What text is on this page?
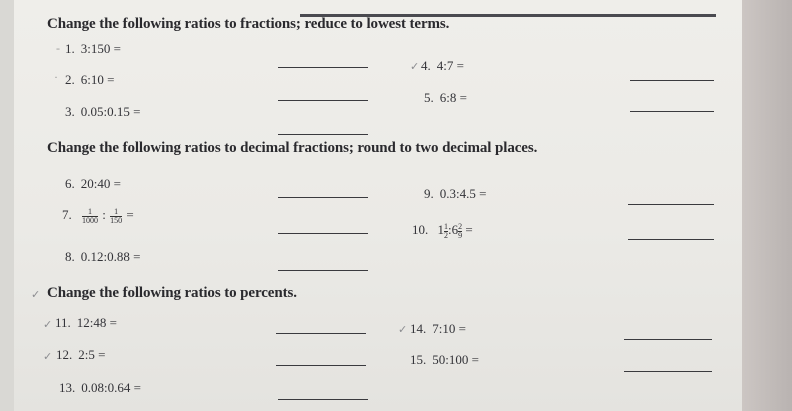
Change the following ratios to fractions; reduce to lowest terms.
- 1. 3:150 =
· 2. 6:10 =
3. 0.05:0.15 =
✓ 4. 4:7 =
5. 6:8 =
Change the following ratios to decimal fractions; round to two decimal places.
6. 20:40 =
7. $\frac{1}{1000}$ : $\frac{1}{150}$ =
8. 0.12:0.88 =
9. 0.3:4.5 =
10. $1 \frac{1}{2}:6 \frac{2}{9}$ =
✓ Change the following ratios to percents.
✓ 11. 12:48 =
✓ 12. 2:5 =
13. 0.08:0.64 =
✓ 14. 7:10 =
15. 50:100 =
